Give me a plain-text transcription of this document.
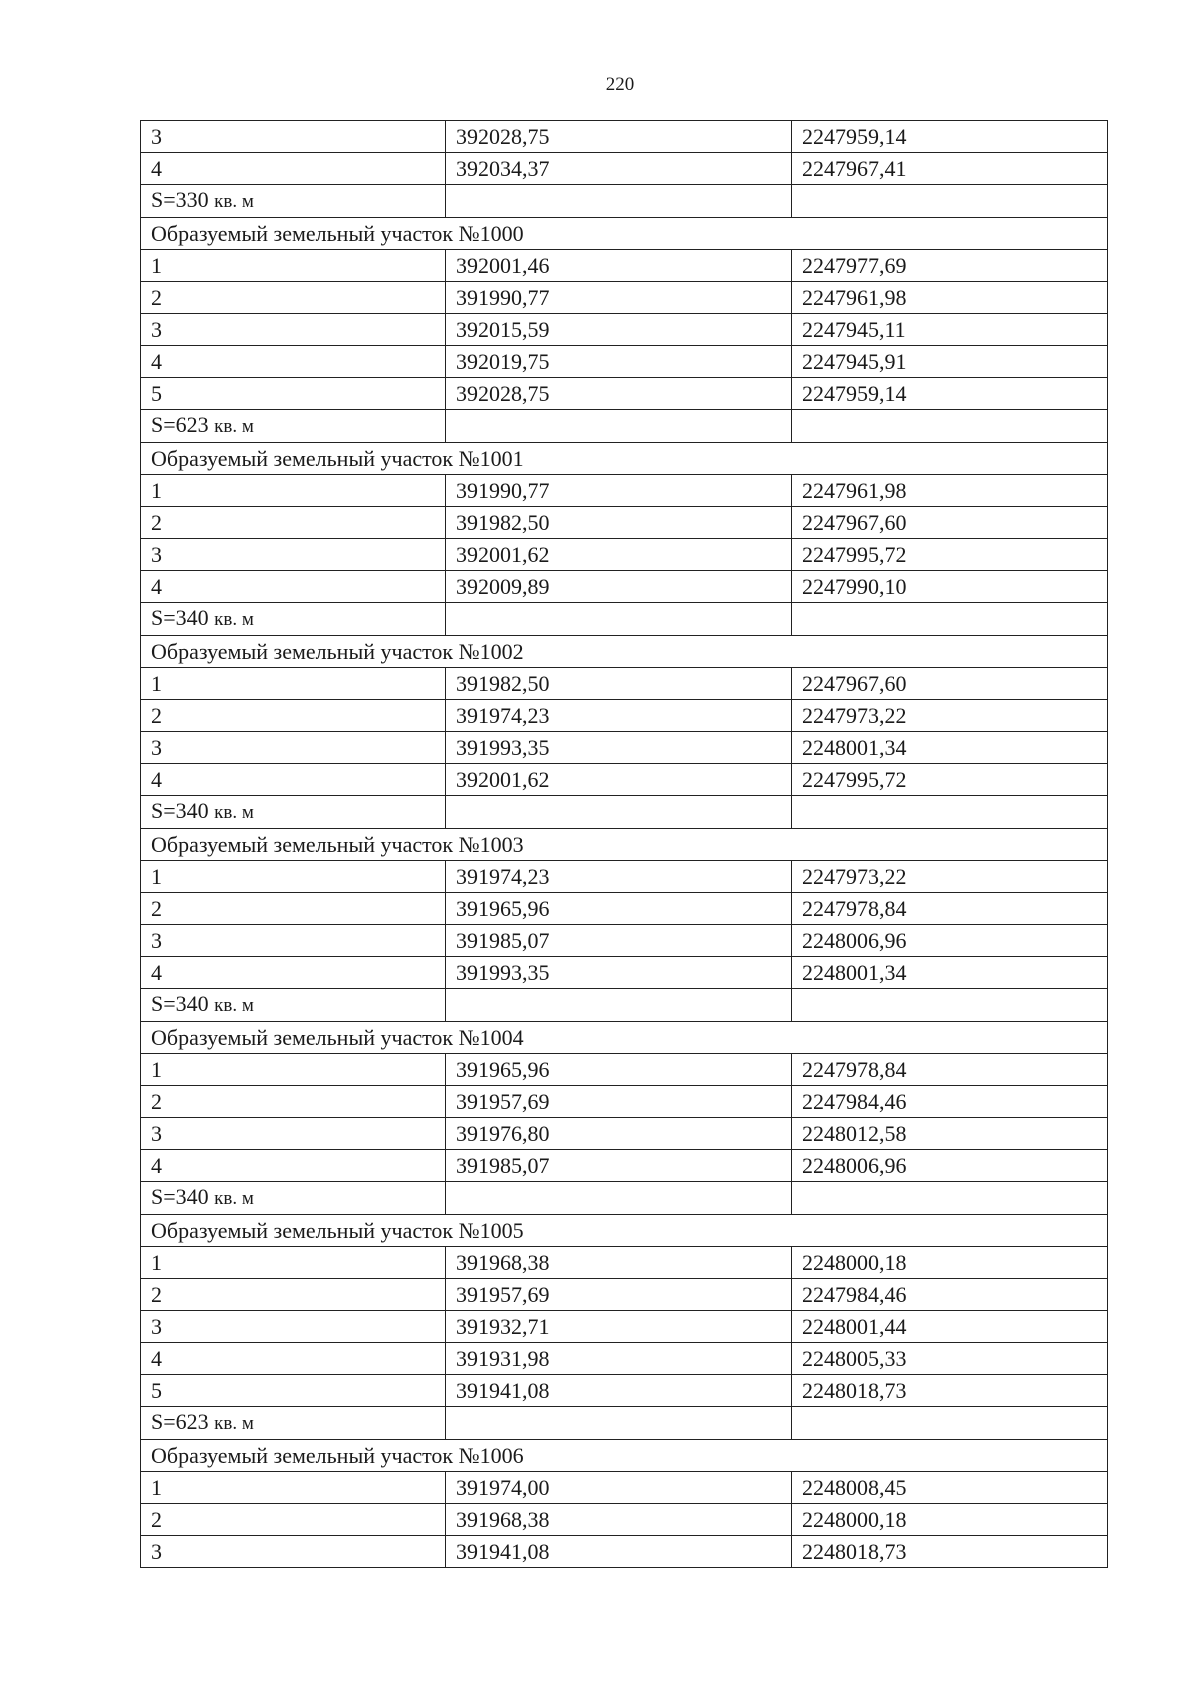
220
3	392028,75	2247959,14
4	392034,37	2247967,41
S=330 кв. м		
Образуемый земельный участок №1000		
1	392001,46	2247977,69
2	391990,77	2247961,98
3	392015,59	2247945,11
4	392019,75	2247945,91
5	392028,75	2247959,14
S=623 кв. м		
Образуемый земельный участок №1001		
1	391990,77	2247961,98
2	391982,50	2247967,60
3	392001,62	2247995,72
4	392009,89	2247990,10
S=340 кв. м		
Образуемый земельный участок №1002		
1	391982,50	2247967,60
2	391974,23	2247973,22
3	391993,35	2248001,34
4	392001,62	2247995,72
S=340 кв. м		
Образуемый земельный участок №1003		
1	391974,23	2247973,22
2	391965,96	2247978,84
3	391985,07	2248006,96
4	391993,35	2248001,34
S=340 кв. м		
Образуемый земельный участок №1004		
1	391965,96	2247978,84
2	391957,69	2247984,46
3	391976,80	2248012,58
4	391985,07	2248006,96
S=340 кв. м		
Образуемый земельный участок №1005		
1	391968,38	2248000,18
2	391957,69	2247984,46
3	391932,71	2248001,44
4	391931,98	2248005,33
5	391941,08	2248018,73
S=623 кв. м		
Образуемый земельный участок №1006		
1	391974,00	2248008,45
2	391968,38	2248000,18
3	391941,08	2248018,73
